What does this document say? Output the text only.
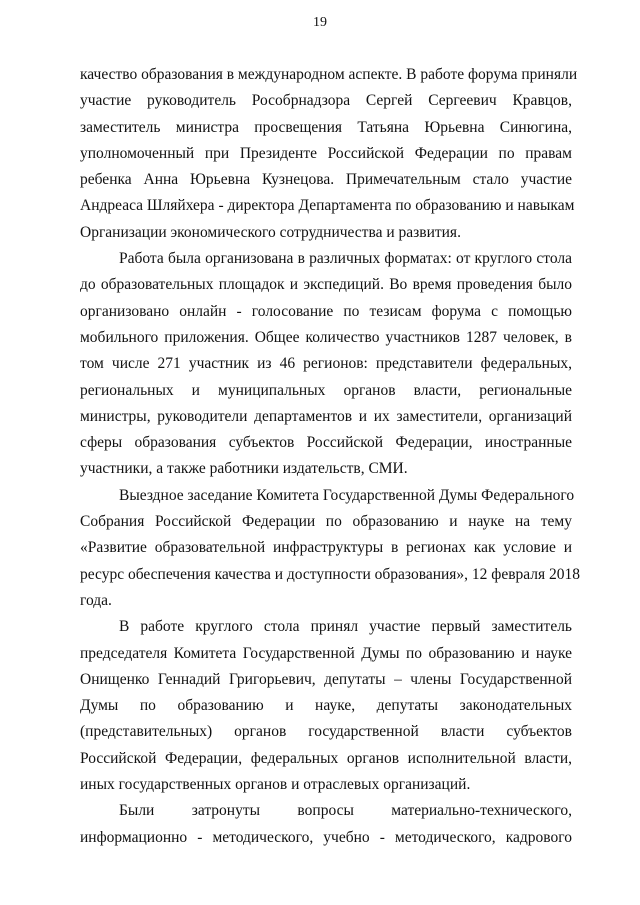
19
качество образования в международном аспекте. В работе форума приняли
участие руководитель Рособрнадзора Сергей Сергеевич Кравцов,
заместитель министра просвещения Татьяна Юрьевна Синюгина,
уполномоченный при Президенте Российской Федерации по правам
ребенка Анна Юрьевна Кузнецова. Примечательным стало участие
Андреаса Шляйхера - директора Департамента по образованию и навыкам
Организации экономического сотрудничества и развития.
Работа была организована в различных форматах: от круглого стола
до образовательных площадок и экспедиций. Во время проведения было
организовано онлайн - голосование по тезисам форума с помощью
мобильного приложения. Общее количество участников 1287 человек, в
том числе 271 участник из 46 регионов: представители федеральных,
региональных и муниципальных органов власти, региональные
министры, руководители департаментов и их заместители, организаций
сферы образования субъектов Российской Федерации, иностранные
участники, а также работники издательств, СМИ.
Выездное заседание Комитета Государственной Думы Федерального
Собрания Российской Федерации по образованию и науке на тему
«Развитие образовательной инфраструктуры в регионах как условие и
ресурс обеспечения качества и доступности образования», 12 февраля 2018
года.
В работе круглого стола принял участие первый заместитель
председателя Комитета Государственной Думы по образованию и науке
Онищенко Геннадий Григорьевич, депутаты – члены Государственной
Думы по образованию и науке, депутаты законодательных
(представительных) органов государственной власти субъектов
Российской Федерации, федеральных органов исполнительной власти,
иных государственных органов и отраслевых организаций.
Были затронуты вопросы материально-технического,
информационно - методического, учебно - методического, кадрового
